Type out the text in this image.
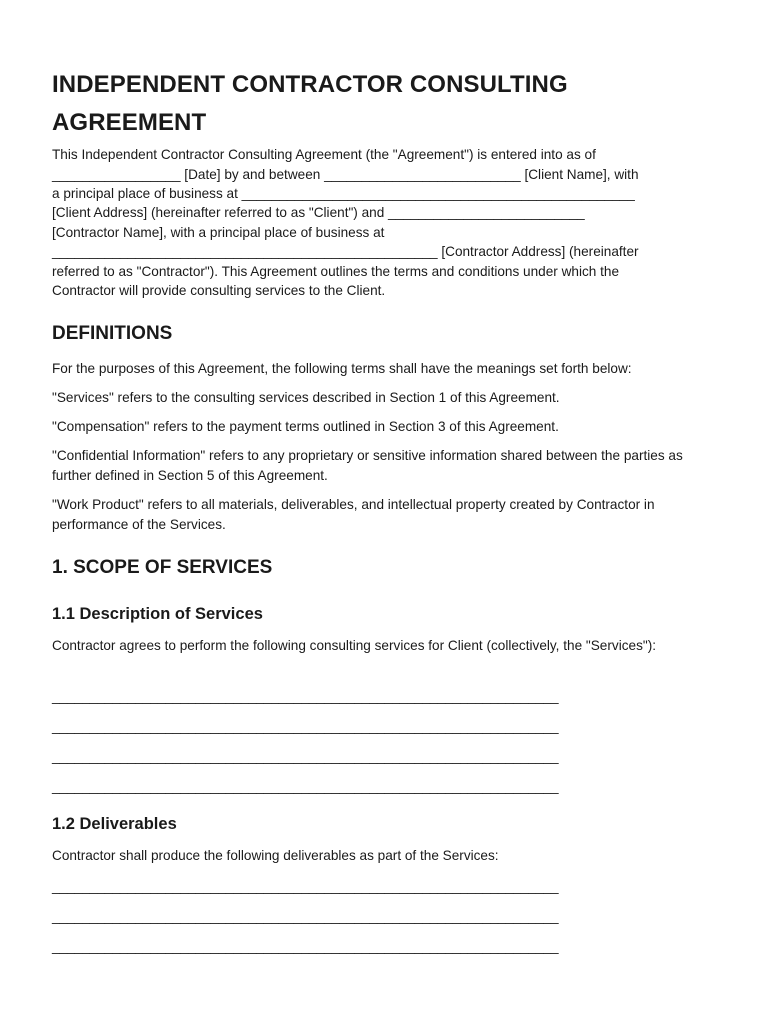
INDEPENDENT CONTRACTOR CONSULTING AGREEMENT

This Independent Contractor Consulting Agreement (the "Agreement") is entered into as of

_________________ [Date] by and between __________________________ [Client Name], with

a principal place of business at ____________________________________________________

[Client Address] (hereinafter referred to as "Client") and __________________________

[Contractor Name], with a principal place of business at

___________________________________________________ [Contractor Address] (hereinafter

referred to as "Contractor"). This Agreement outlines the terms and conditions under which the

Contractor will provide consulting services to the Client.

DEFINITIONS

For the purposes of this Agreement, the following terms shall have the meanings set forth below:

"Services" refers to the consulting services described in Section 1 of this Agreement.

"Compensation" refers to the payment terms outlined in Section 3 of this Agreement.

"Confidential Information" refers to any proprietary or sensitive information shared between the parties as further defined in Section 5 of this Agreement.

"Work Product" refers to all materials, deliverables, and intellectual property created by Contractor in performance of the Services.

1. SCOPE OF SERVICES
1.1 Description of Services

Contractor agrees to perform the following consulting services for Client (collectively, the "Services"):

___________________________________________________________________

___________________________________________________________________

___________________________________________________________________

___________________________________________________________________

1.2 Deliverables

Contractor shall produce the following deliverables as part of the Services:

___________________________________________________________________

___________________________________________________________________

___________________________________________________________________
